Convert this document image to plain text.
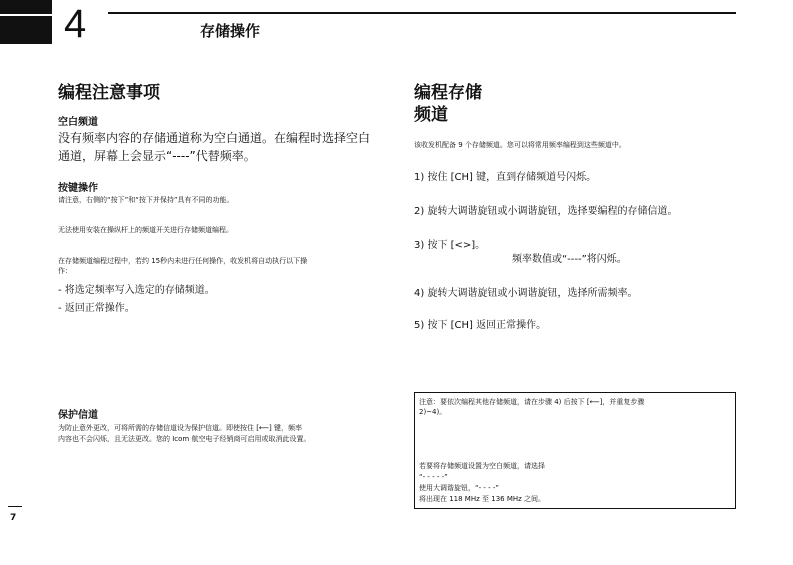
4	存储操作
编程注意事项
空白频道
没有频率内容的存储通道称为空白通道。在编程时选择空白
通道，屏幕上会显示“----”代替频率。
按键操作
请注意，右侧的“按下”和“按下并保持”具有不同的功能。
无法使用安装在操纵杆上的频道开关进行存储频道编程。
在存储频道编程过程中，若约 15秒内未进行任何操作，收发机将自动执行以下操
作：
- 将选定频率写入选定的存储频道。
- 返回正常操作。
保护信道
为防止意外更改，可将所需的存储信道设为保护信道。即使按住 [⟵] 键，频率
内容也不会闪烁，且无法更改。您的 Icom 航空电子经销商可启用或取消此设置。
编程存储
频道
该收发机配备 9 个存储频道。您可以将常用频率编程到这些频道中。
1) 按住 [CH] 键，直到存储频道号闪烁。
2) 旋转大调谐旋钮或小调谐旋钮，选择要编程的存储信道。
3) 按下 [<>]。
频率数值或“----”将闪烁。
4) 旋转大调谐旋钮或小调谐旋钮，选择所需频率。
5) 按下 [CH] 返回正常操作。
注意：要依次编程其他存储频道，请在步骤 4) 后按下 [⟵]，并重复步骤
2)~4)。
若要将存储频道设置为空白频道，请选择
“- - - - -”
使用大调谐旋钮，“- - - -”
将出现在 118 MHz 至 136 MHz 之间。
7
